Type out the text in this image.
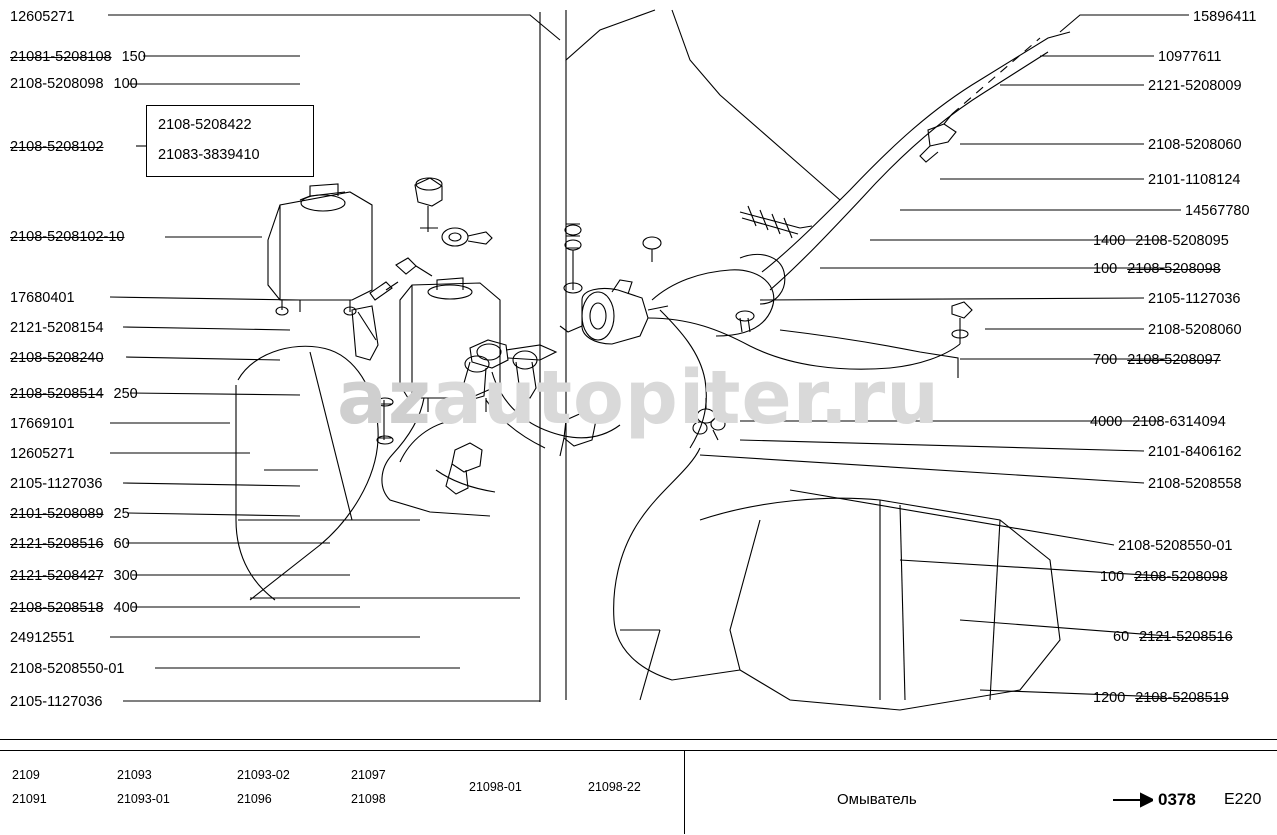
azautopiter.ru
2108-5208422
21083-3839410
12605271
21081-5208108 150
2108-5208098 100
2108-5208102
2108-5208102-10
17680401
2121-5208154
2108-5208240
2108-5208514 250
17669101
12605271
2105-1127036
2101-5208089 25
2121-5208516 60
2121-5208427 300
2108-5208518 400
24912551
2108-5208550-01
2105-1127036
15896411
10977611
2121-5208009
2108-5208060
2101-1108124
14567780
1400 2108-5208095
100 2108-5208098
2105-1127036
2108-5208060
700 2108-5208097
4000 2108-6314094
2101-8406162
2108-5208558
2108-5208550-01
100 2108-5208098
60 2121-5208516
1200 2108-5208519
2109
21091
21093
21093-01
21093-02
21096
21097
21098
21098-01	21098-22
Омыватель	0378 E220
